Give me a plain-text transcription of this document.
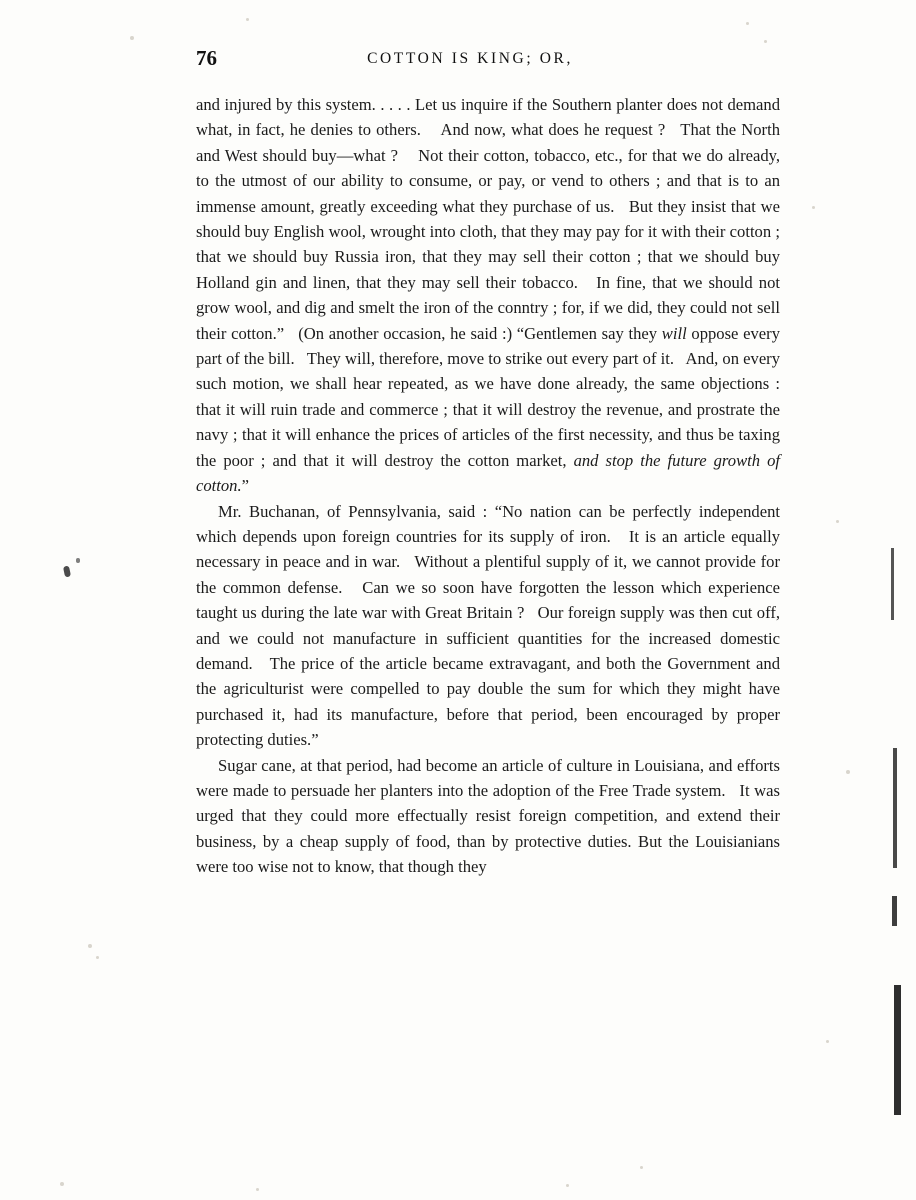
76	COTTON IS KING; OR,

and injured by this system. . . . . Let us inquire if the Southern planter does not demand what, in fact, he denies to others.    And now, what does he request ?   That the North and West should buy—what ?    Not their cotton, tobacco, etc., for that we do already, to the utmost of our ability to consume, or pay, or vend to others ; and that is to an immense amount, greatly exceeding what they purchase of us.   But they insist that we should buy English wool, wrought into cloth, that they may pay for it with their cotton ; that we should buy Russia iron, that they may sell their cotton ; that we should buy Holland gin and linen, that they may sell their tobacco.   In fine, that we should not grow wool, and dig and smelt the iron of the conntry ; for, if we did, they could not sell their cotton.”   (On another occasion, he said :) “Gentlemen say they will oppose every part of the bill.   They will, therefore, move to strike out every part of it.   And, on every such motion, we shall hear repeated, as we have done already, the same objections : that it will ruin trade and commerce ; that it will destroy the revenue, and prostrate the navy ; that it will enhance the prices of articles of the first necessity, and thus be taxing the poor ; and that it will destroy the cotton market, and stop the future growth of cotton.”

Mr. Buchanan, of Pennsylvania, said : “No nation can be perfectly independent which depends upon foreign countries for its supply of iron.   It is an article equally necessary in peace and in war.   Without a plentiful supply of it, we cannot provide for the common defense.   Can we so soon have forgotten the lesson which experience taught us during the late war with Great Britain ?   Our foreign supply was then cut off, and we could not manufacture in sufficient quantities for the increased domestic demand.   The price of the article became extravagant, and both the Government and the agriculturist were compelled to pay double the sum for which they might have purchased it, had its manufacture, before that period, been encouraged by proper protecting duties.”

Sugar cane, at that period, had become an article of culture in Louisiana, and efforts were made to persuade her planters into the adoption of the Free Trade system.   It was urged that they could more effectually resist foreign competition, and extend their business, by a cheap supply of food, than by protective duties. But the Louisianians were too wise not to know, that though they
